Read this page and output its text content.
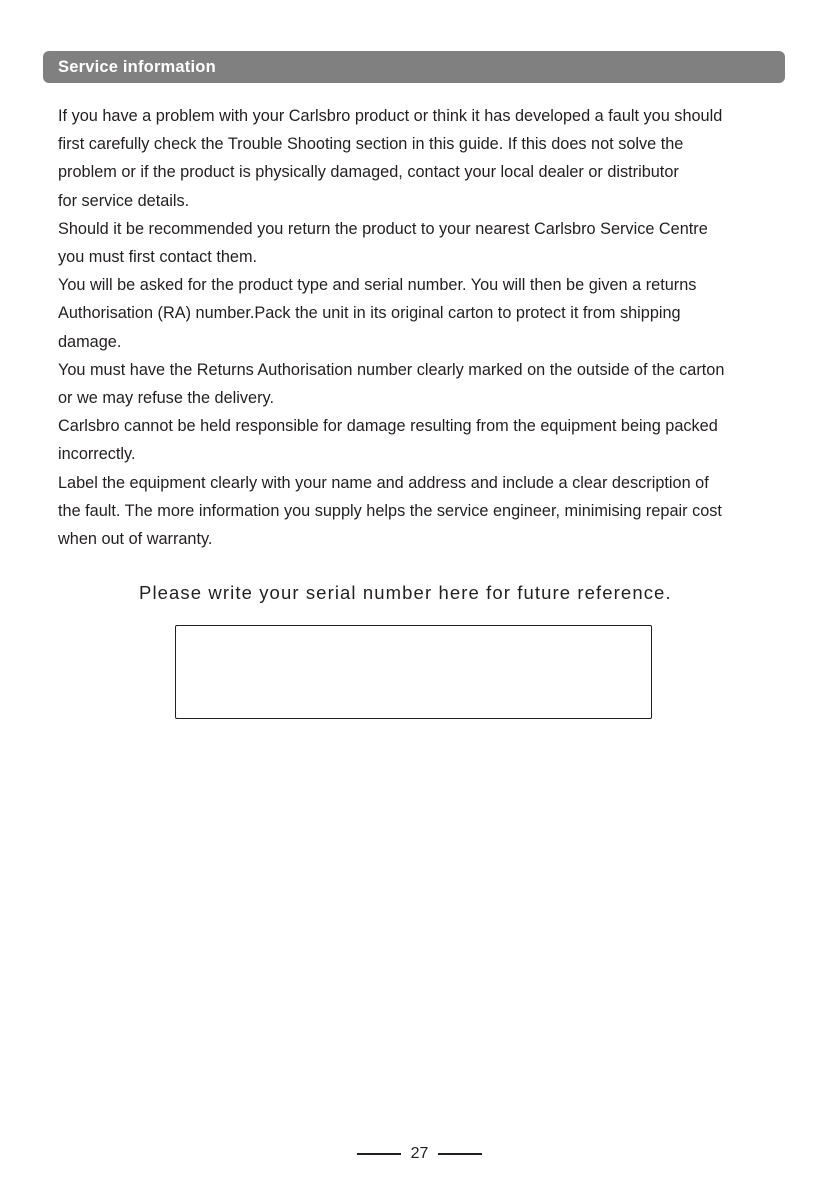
Service information
If you have a problem with your Carlsbro product or think it has developed a fault you should
first carefully check the Trouble Shooting section in this guide. If this does not solve the
problem or if the product is physically damaged, contact your local dealer or distributor
for service details.
Should it be recommended you return the product to your nearest Carlsbro Service Centre
you must first contact them.
You will be asked for the product type and serial number. You will then be given a returns
Authorisation (RA) number.Pack the unit in its original carton to protect it from shipping
damage.
You must have the Returns Authorisation number clearly marked on the outside of the carton
or we may refuse the delivery.
Carlsbro cannot be held responsible for damage resulting from the equipment being packed
incorrectly.
Label the equipment clearly with your name and address and include a clear description of
the fault. The more information you supply helps the service engineer, minimising repair cost
when out of warranty.
Please write your serial number here for future reference.
27
